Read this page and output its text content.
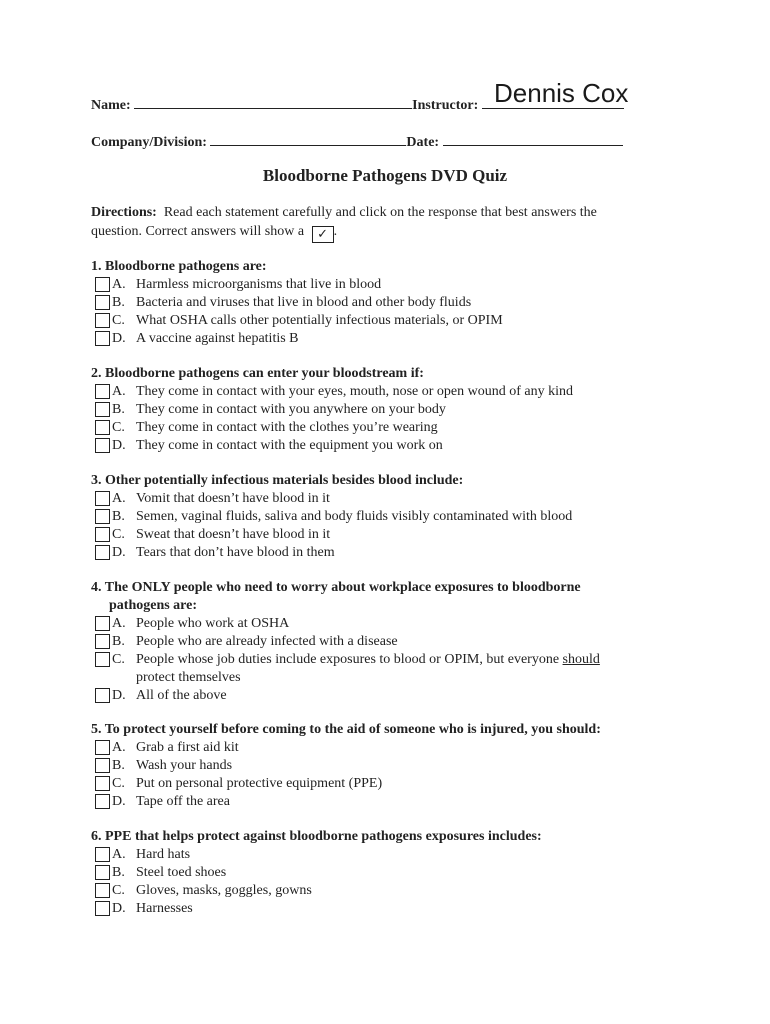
Name:	Instructor: Dennis Cox
Company/Division:	Date:
Bloodborne Pathogens DVD Quiz
Directions: Read each statement carefully and click on the response that best answers the question. Correct answers will show a ✓ .
1. Bloodborne pathogens are:
A. Harmless microorganisms that live in blood
B. Bacteria and viruses that live in blood and other body fluids
C. What OSHA calls other potentially infectious materials, or OPIM
D. A vaccine against hepatitis B
2. Bloodborne pathogens can enter your bloodstream if:
A. They come in contact with your eyes, mouth, nose or open wound of any kind
B. They come in contact with you anywhere on your body
C. They come in contact with the clothes you’re wearing
D. They come in contact with the equipment you work on
3. Other potentially infectious materials besides blood include:
A. Vomit that doesn’t have blood in it
B. Semen, vaginal fluids, saliva and body fluids visibly contaminated with blood
C. Sweat that doesn’t have blood in it
D. Tears that don’t have blood in them
4. The ONLY people who need to worry about workplace exposures to bloodborne
pathogens are:
A. People who work at OSHA
B. People who are already infected with a disease
C. People whose job duties include exposures to blood or OPIM, but everyone should
protect themselves
D. All of the above
5. To protect yourself before coming to the aid of someone who is injured, you should:
A. Grab a first aid kit
B. Wash your hands
C. Put on personal protective equipment (PPE)
D. Tape off the area
6. PPE that helps protect against bloodborne pathogens exposures includes:
A. Hard hats
B. Steel toed shoes
C. Gloves, masks, goggles, gowns
D. Harnesses
